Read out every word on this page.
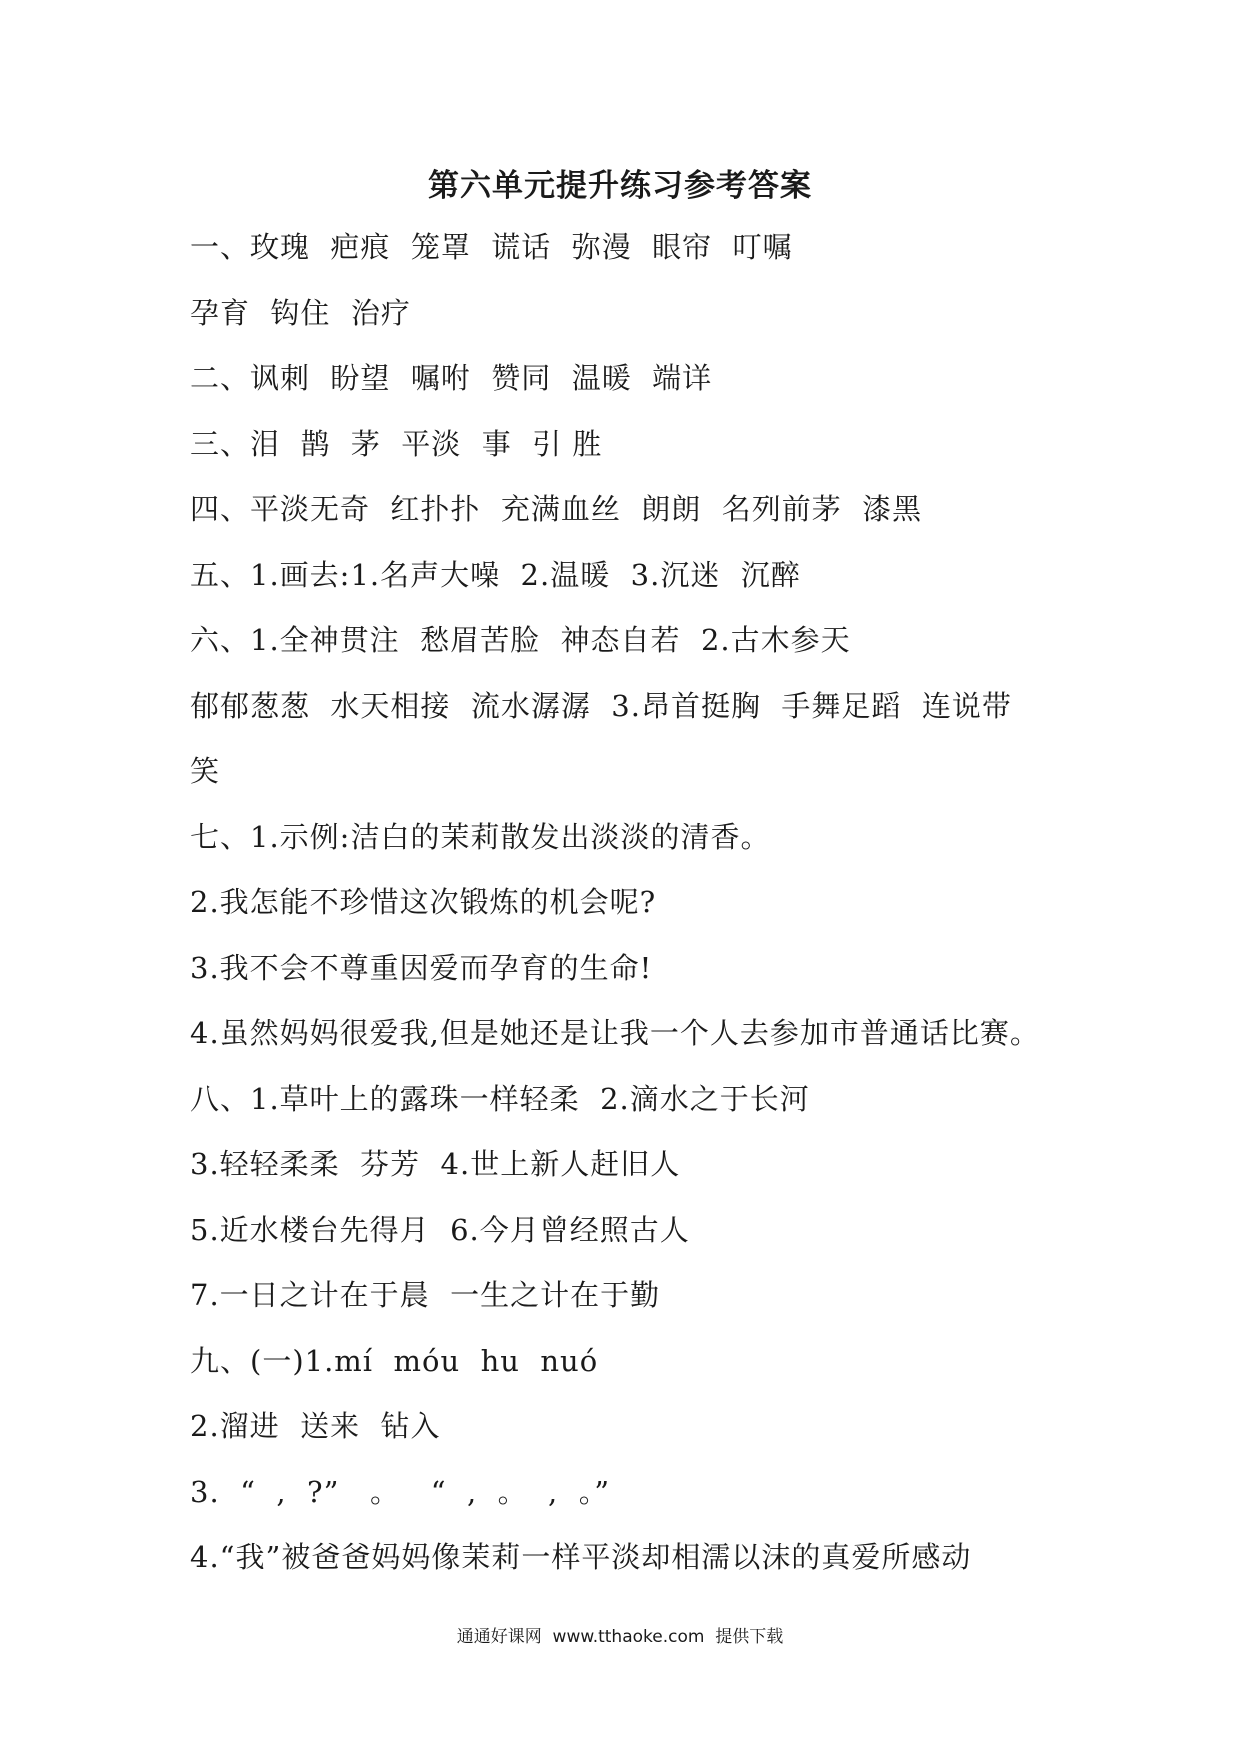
第六单元提升练习参考答案
一、玫瑰  疤痕  笼罩  谎话  弥漫  眼帘  叮嘱
孕育  钩住  治疗
二、讽刺  盼望  嘱咐  赞同  温暖  端详
三、泪  鹊  茅  平淡  事  引 胜
四、平淡无奇  红扑扑  充满血丝  朗朗  名列前茅  漆黑
五、1.画去:1.名声大噪  2.温暖  3.沉迷  沉醉
六、1.全神贯注  愁眉苦脸  神态自若  2.古木参天
郁郁葱葱  水天相接  流水潺潺  3.昂首挺胸  手舞足蹈  连说带
笑
七、1.示例:洁白的茉莉散发出淡淡的清香。
2.我怎能不珍惜这次锻炼的机会呢?
3.我不会不尊重因爱而孕育的生命!
4.虽然妈妈很爱我,但是她还是让我一个人去参加市普通话比赛。
八、1.草叶上的露珠一样轻柔  2.滴水之于长河
3.轻轻柔柔  芬芳  4.世上新人赶旧人
5.近水楼台先得月  6.今月曾经照古人
7.一日之计在于晨  一生之计在于勤
九、(一)1.mí  móu  hu  nuó
2.溜进  送来  钻入
3.  “  ,  ?”   。   “  ,  。  ,  。”
4.“我”被爸爸妈妈像茉莉一样平淡却相濡以沫的真爱所感动
通通好课网  www.tthaoke.com  提供下载
